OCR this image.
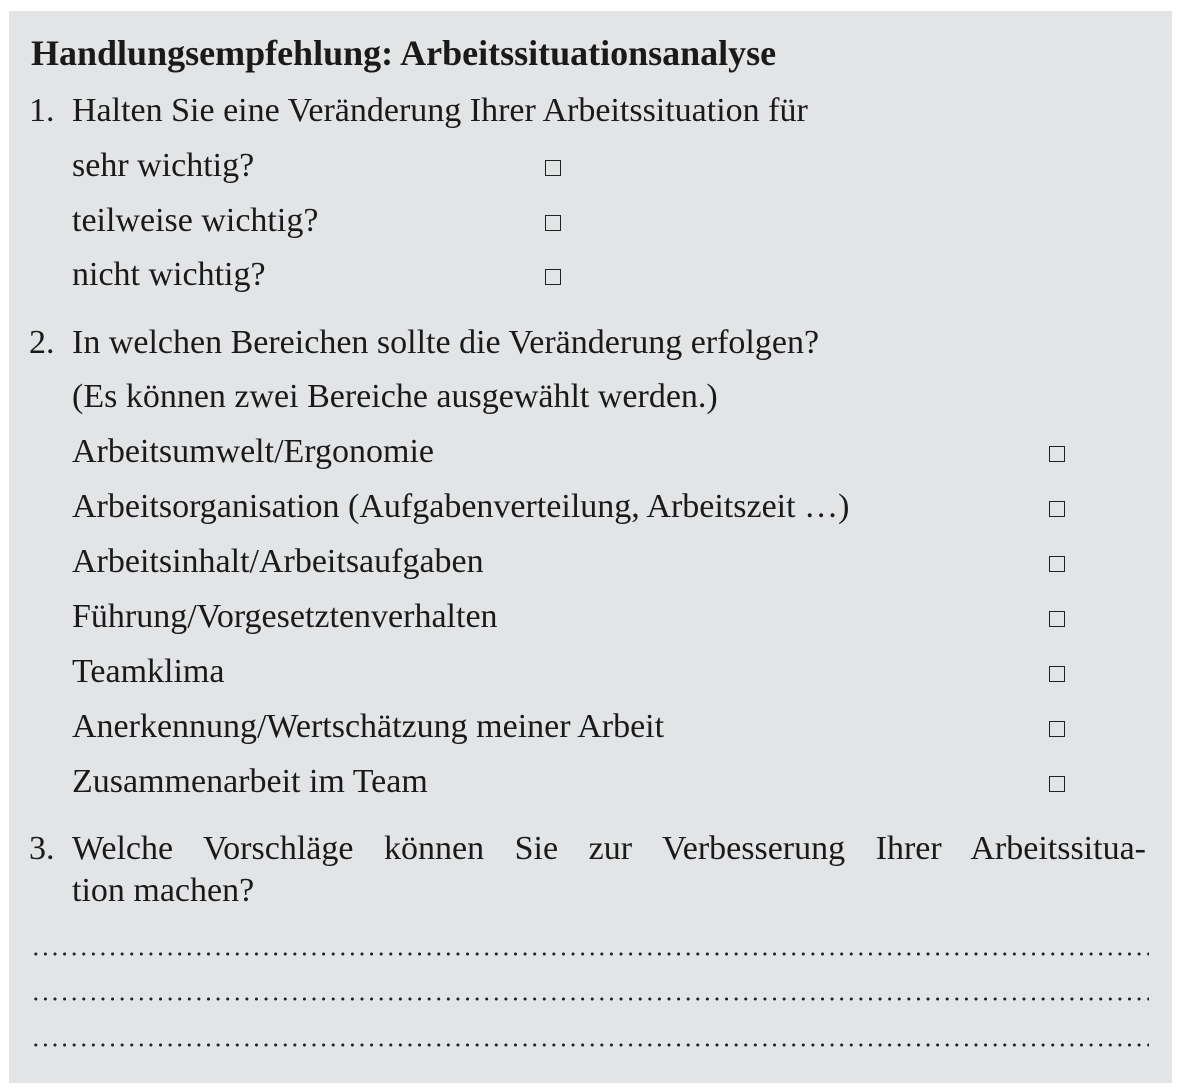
Handlungsempfehlung: Arbeitssituationsanalyse
1. Halten Sie eine Veränderung Ihrer Arbeitssituation für
sehr wichtig?
teilweise wichtig?
nicht wichtig?
2. In welchen Bereichen sollte die Veränderung erfolgen?
(Es können zwei Bereiche ausgewählt werden.)
Arbeitsumwelt/Ergonomie
Arbeitsorganisation (Aufgabenverteilung, Arbeitszeit …)
Arbeitsinhalt/Arbeitsaufgaben
Führung/Vorgesetztenverhalten
Teamklima
Anerkennung/Wertschätzung meiner Arbeit
Zusammenarbeit im Team
3. Welche Vorschläge können Sie zur Verbesserung Ihrer Arbeitssitua-
tion machen?
